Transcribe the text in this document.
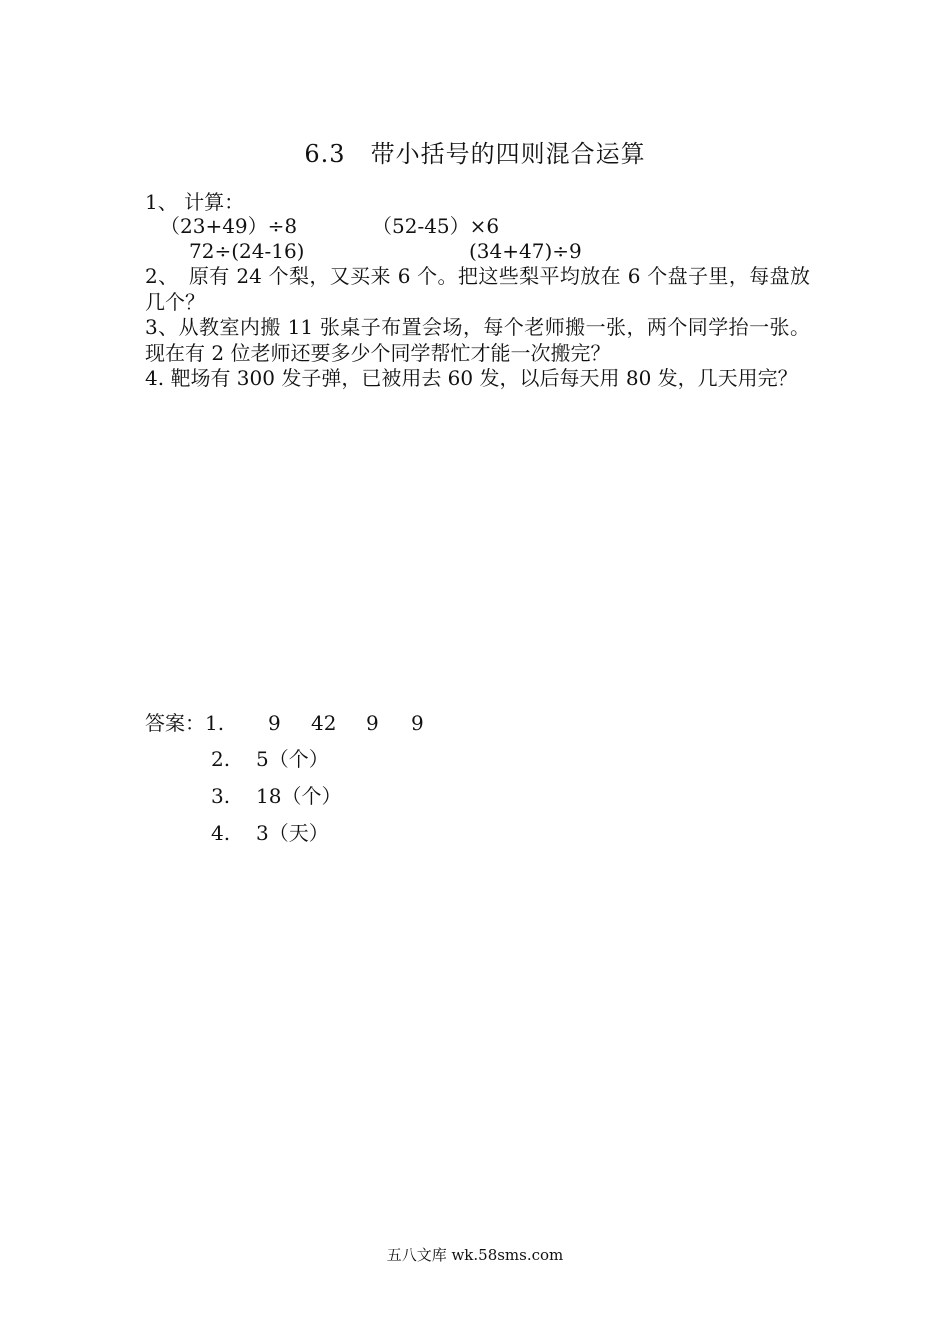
6.3　带小括号的四则混合运算
1、 计算：
（23+49）÷8	（52-45）×6
72÷(24-16)	(34+47)÷9
2、　原有 24 个梨，又买来 6 个。把这些梨平均放在 6 个盘子里，每盘放几个？
3、从教室内搬 11 张桌子布置会场，每个老师搬一张，两个同学抬一张。现在有 2 位老师还要多少个同学帮忙才能一次搬完？
4. 靶场有 300 发子弹，已被用去 60 发，以后每天用 80 发，几天用完？
答案：1. 9 42 9 9
2. 5（个）
3. 18（个）
4. 3（天）
五八文库 wk.58sms.com
